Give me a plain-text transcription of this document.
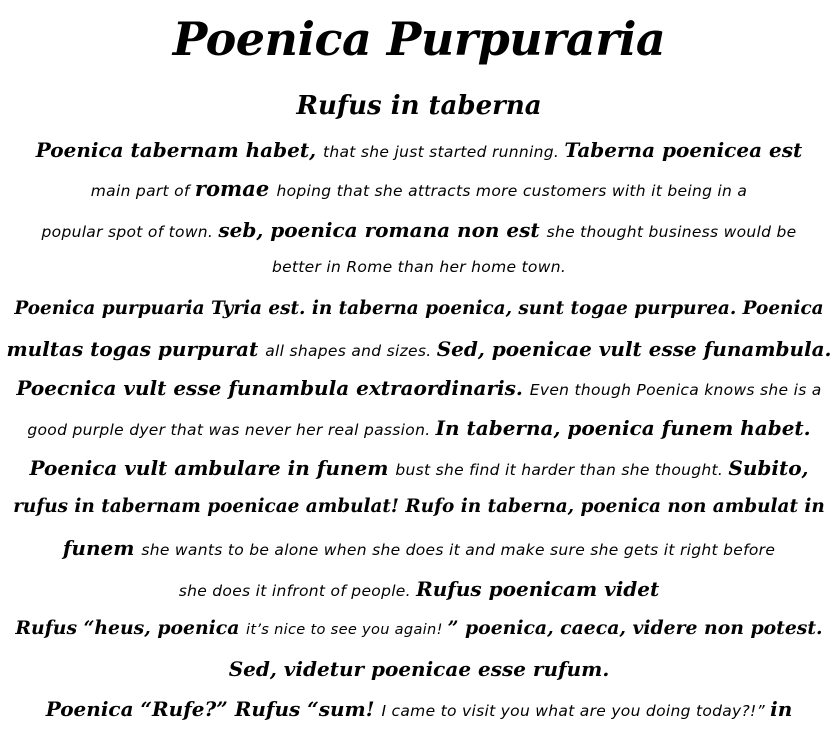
Poenica Purpuraria
Rufus in taberna
Poenica tabernam habet, that she just started running. Taberna poenicea est
main part of romae hoping that she attracts more customers with it being in a
popular spot of town. seb, poenica romana non est she thought business would be
better in Rome than her home town.
Poenica purpuaria Tyria est. in taberna poenica, sunt togae purpurea. Poenica
multas togas purpurat all shapes and sizes. Sed, poenicae vult esse funambula.
Poecnica vult esse funambula extraordinaris. Even though Poenica knows she is a
good purple dyer that was never her real passion. In taberna, poenica funem habet.
Poenica vult ambulare in funem bust she find it harder than she thought. Subito,
rufus in tabernam poenicae ambulat! Rufo in taberna, poenica non ambulat in
funem she wants to be alone when she does it and make sure she gets it right before
she does it infront of people. Rufus poenicam videt
Rufus “heus, poenica it’s nice to see you again! ” poenica, caeca, videre non potest.
Sed, videtur poenicae esse rufum.
Poenica “Rufe?” Rufus “sum! I came to visit you what are you doing today?!” in
